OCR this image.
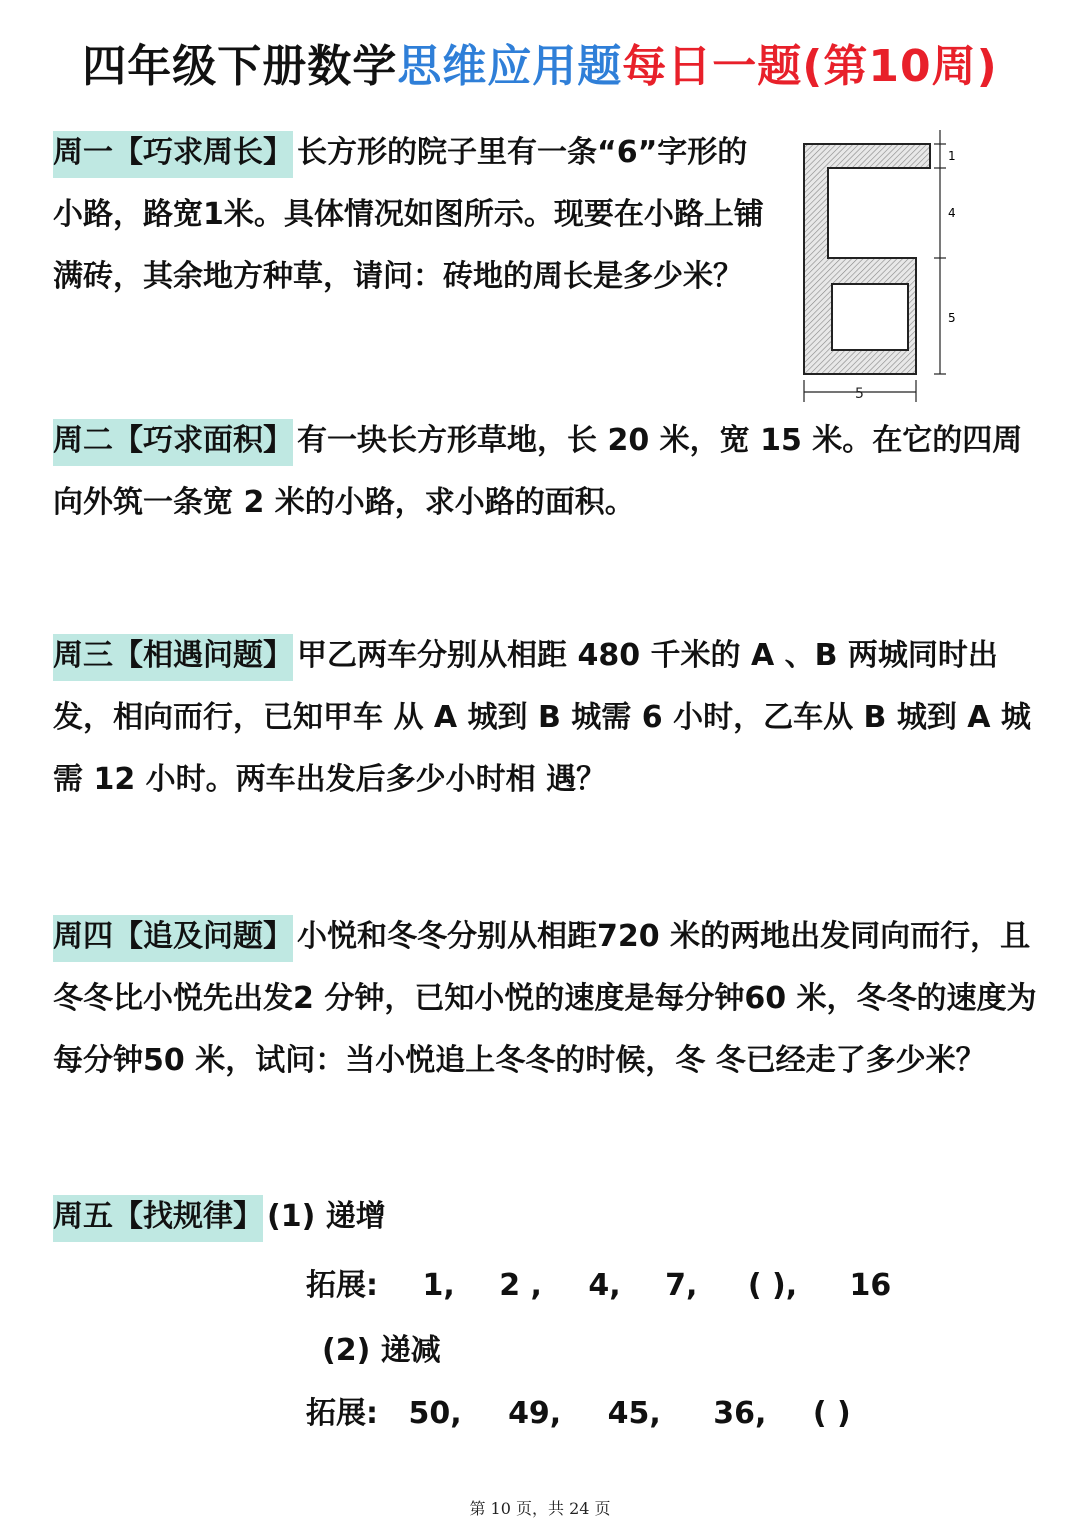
四年级下册数学思维应用题每日一题(第10周)

周一【巧求周长】 长方形的院子里有一条“6”字形的小路，路宽1米。具体情况如图所示。现要在小路上铺满砖，其余地方种草，请问：砖地的周长是多少米？

1
4
5
5

周二【巧求面积】 有一块长方形草地，长 20 米，宽 15 米。在它的四周向外筑一条宽 2 米的小路，求小路的面积。

周三【相遇问题】 甲乙两车分别从相距 480 千米的 A 、B 两城同时出发，相向而行，已知甲车 从 A 城到 B 城需 6 小时，乙车从 B 城到 A 城需 12 小时。两车出发后多少小时相 遇？

周四【追及问题】 小悦和冬冬分别从相距720 米的两地出发同向而行，且冬冬比小悦先出发2 分钟，已知小悦的速度是每分钟60 米，冬冬的速度为每分钟50 米，试问：当小悦追上冬冬的时候，冬 冬已经走了多少米？

周五【找规律】 (1) 递增

拓展: 1, 2 , 4, 7, ( ), 16
(2) 递减
拓展: 50, 49, 45, 36, ( )
第 10 页，共 24 页
